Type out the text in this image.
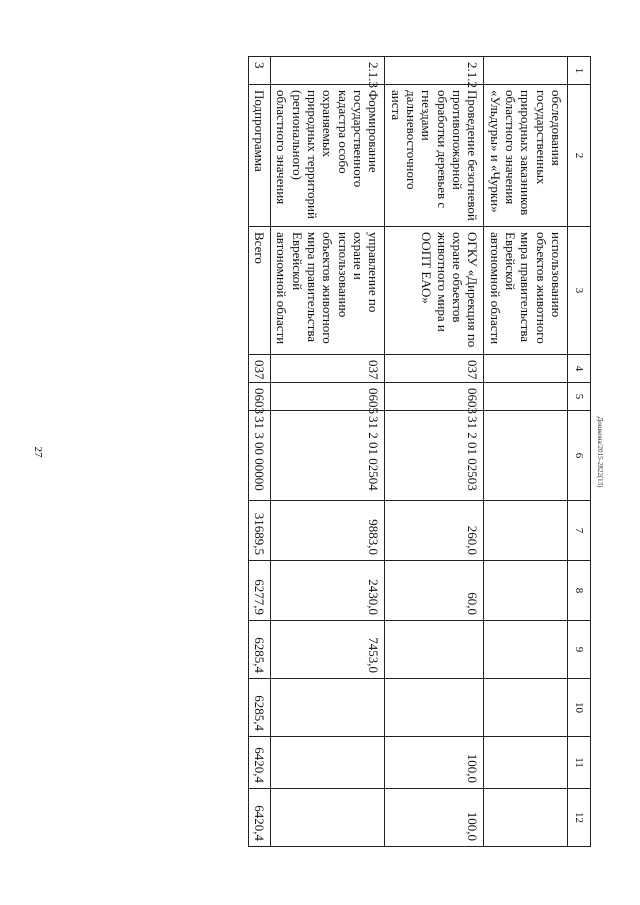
27	Дошкона/2015-2822(13)
1	2	3	4	5	6	7	8	9	10	11	12
	обследования государственных природных заказников областного значения «Ульдуры» и «Чурки»	использованию объектов животного мира правительства Еврейской автономной области									
2.1.2	Проведение безогневой противопожарной обработки деревьев с гнездами дальневосточного аиста	ОГКУ «Дирекция по охране объектов животного мира и ООПТ ЕАО»	037	0603	31 2 01 02503	260,0	60,0			100,0	100,0
2.1.3	Формирование государственного кадастра особо охраняемых природных территорий (регионального) областного значения	управление по охране и использованию объектов животного мира правительства Еврейской автономной области	037	0605	31 2 01 02504	9883,0	2430,0	7453,0			
3	Подпрограмма	Всего	037	0603	31 3 00 00000	31689,5	6277,9	6285,4	6285,4	6420,4	6420,4
